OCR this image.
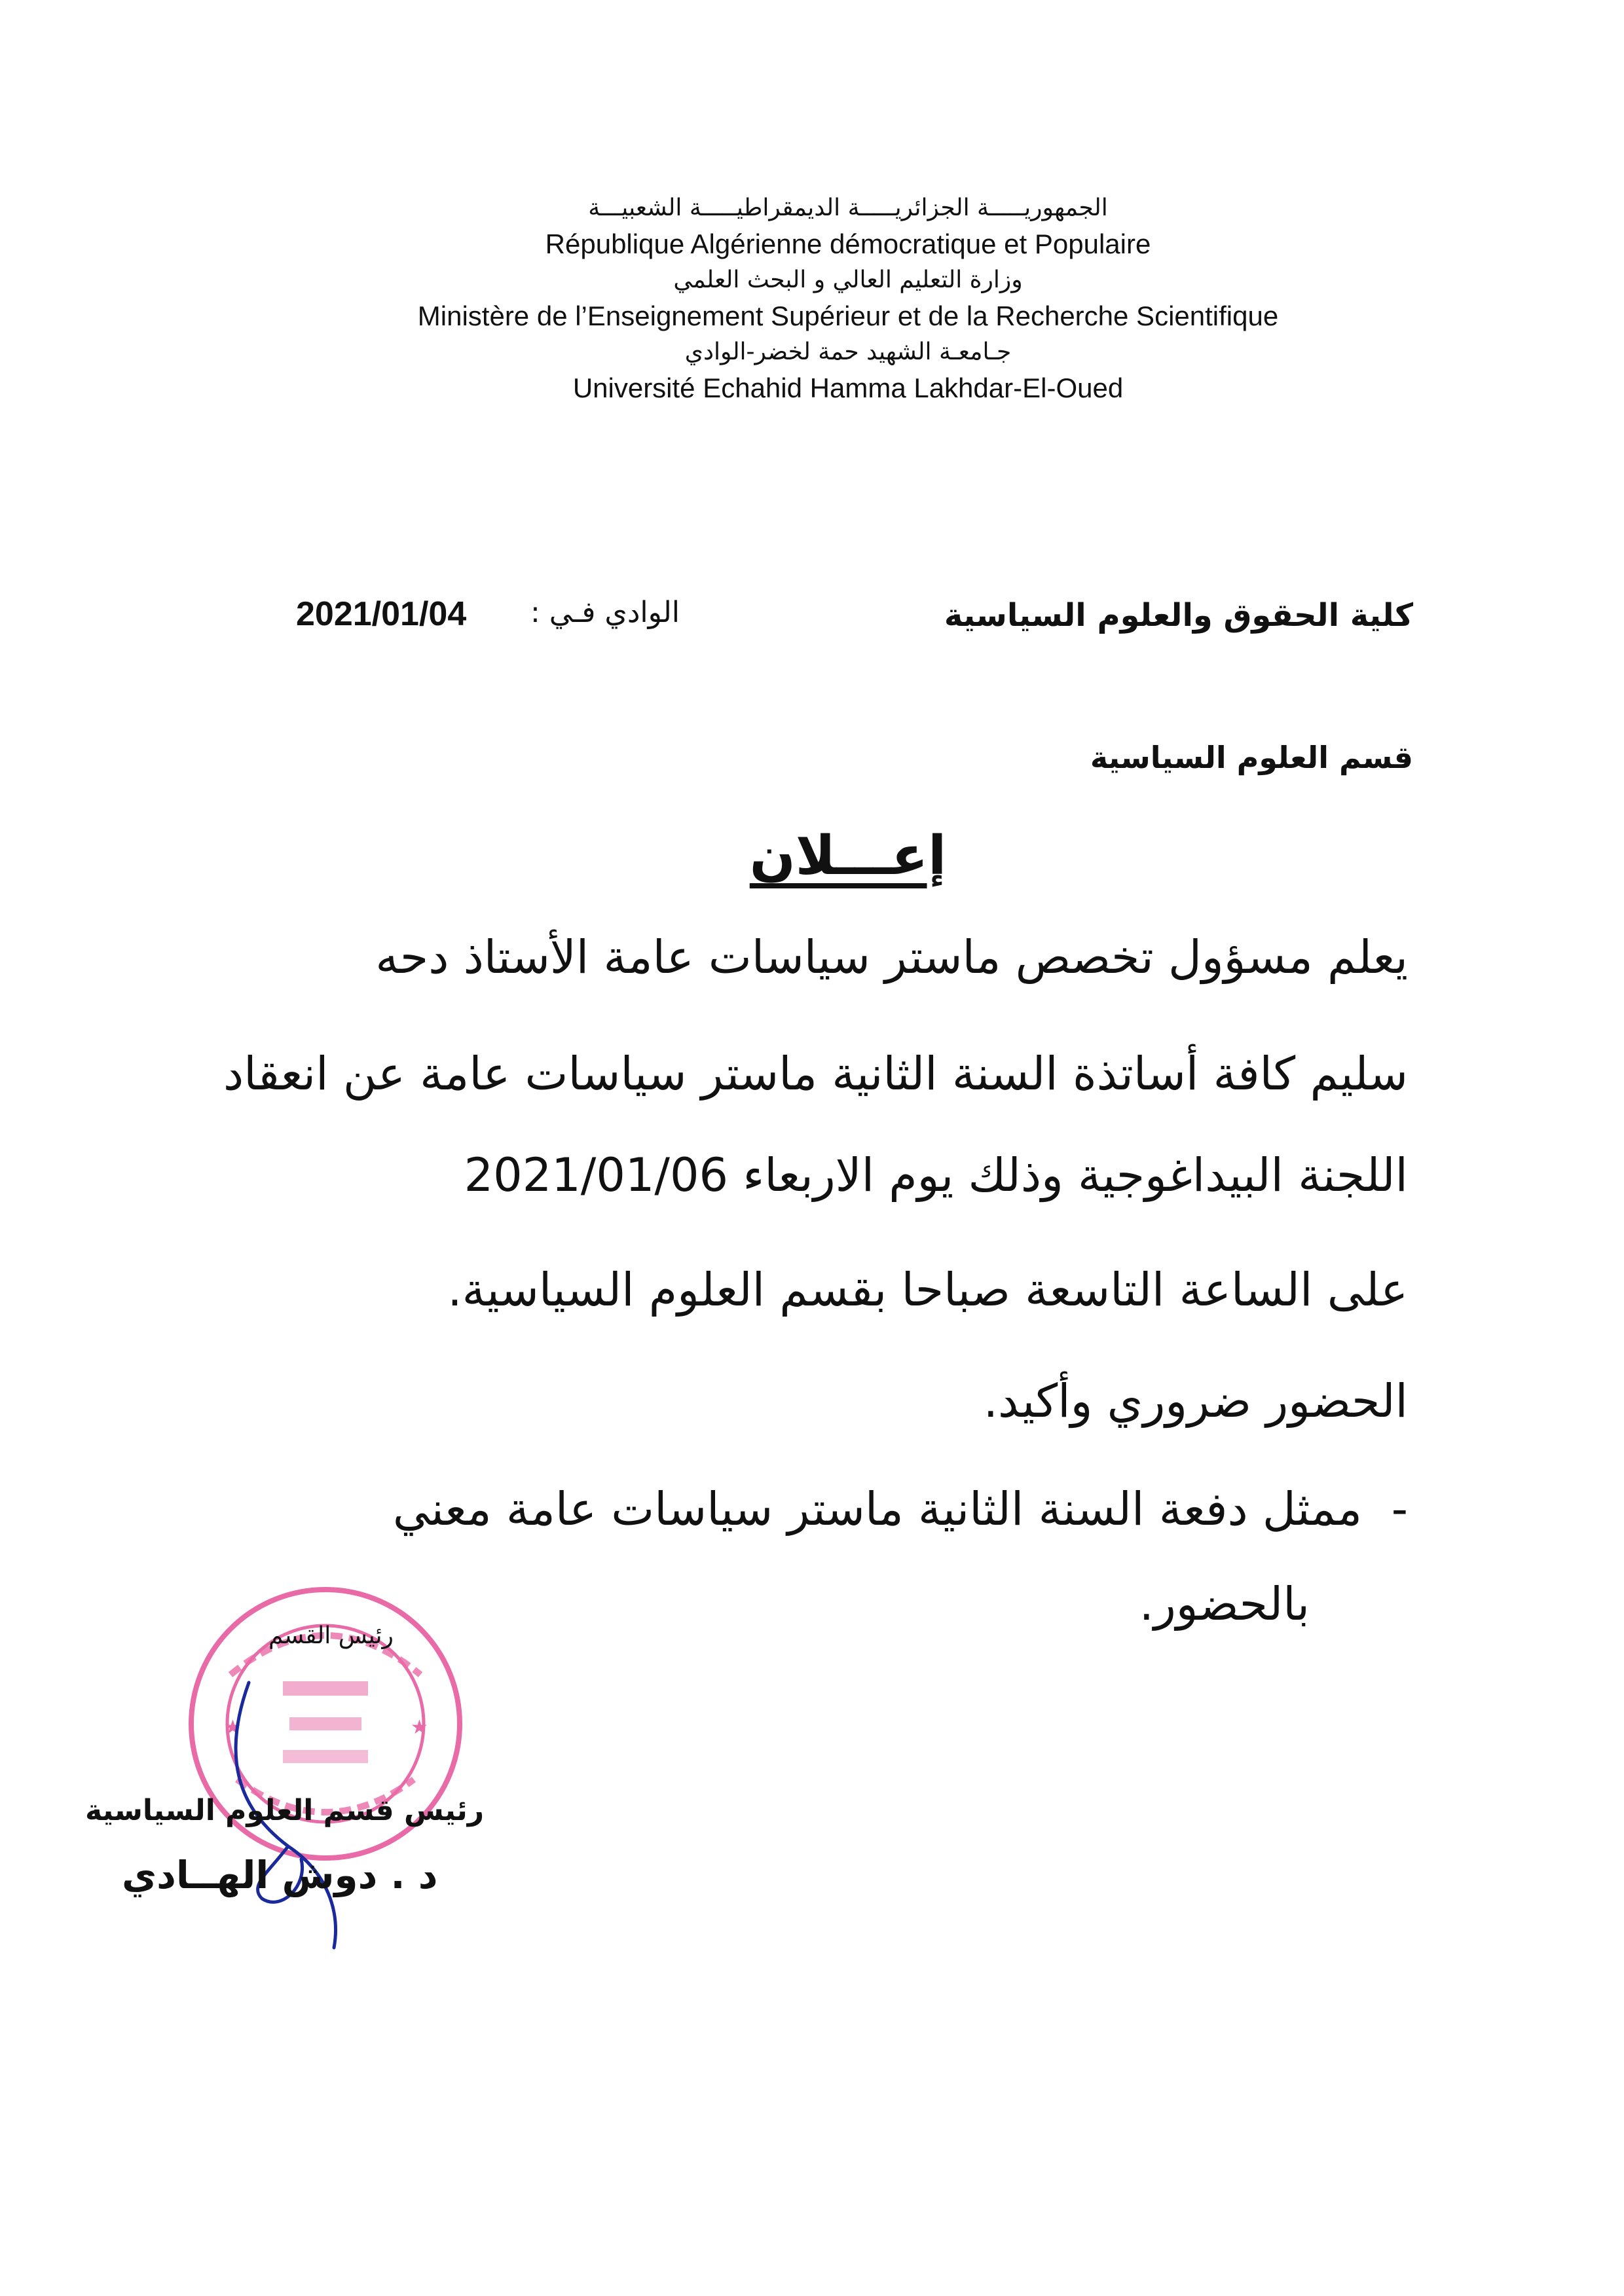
الجمهوريـــــة الجزائريـــــة الديمقراطيـــــة الشعبيـــة
République Algérienne démocratique et Populaire
وزارة التعليم العالي و البحث العلمي
Ministère de l’Enseignement Supérieur et de la Recherche Scientifique
جـامعـة الشهيد حمة لخضر-الوادي
Université Echahid Hamma Lakhdar-El-Oued
كلية الحقوق والعلوم السياسية
الوادي فـي :
2021/01/04
قسم العلوم السياسية
إعـــلان
يعلم مسؤول تخصص ماستر سياسات عامة الأستاذ دحه
سليم كافة أساتذة السنة الثانية ماستر سياسات عامة عن انعقاد
اللجنة البيداغوجية وذلك يوم الاربعاء 2021/01/06
على الساعة التاسعة صباحا بقسم العلوم السياسية.
الحضور ضروري وأكيد.
-
ممثل دفعة السنة الثانية ماستر سياسات عامة معني
بالحضور.
★	★
رئيس القسم
رئيس قسم العلوم السياسية
د . دوش الهــادي
